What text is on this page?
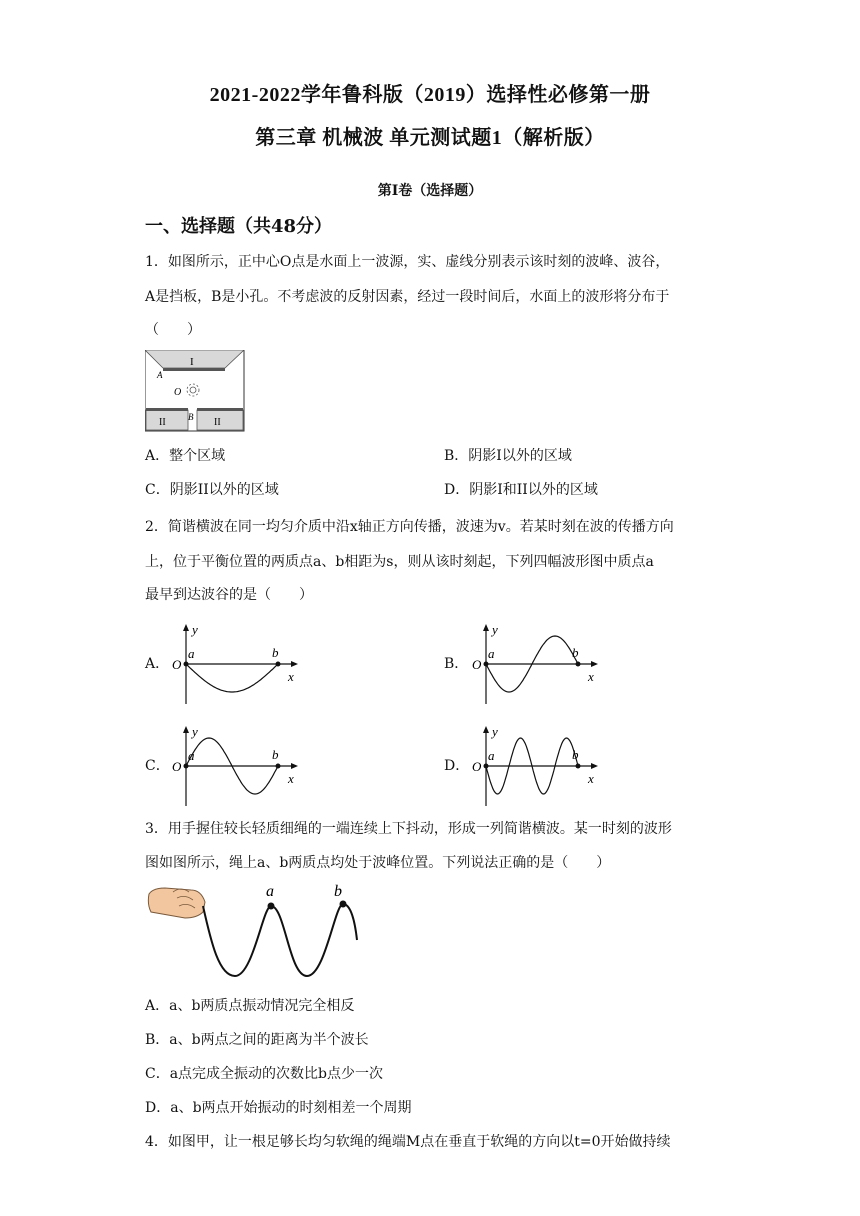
2021-2022学年鲁科版（2019）选择性必修第一册
第三章 机械波 单元测试题1（解析版）
第Ⅰ卷（选择题）
一、选择题（共48分）
1．如图所示，正中心O点是水面上一波源，实、虚线分别表示该时刻的波峰、波谷，
A是挡板，B是小孔。不考虑波的反射因素，经过一段时间后，水面上的波形将分布于
（　　）
I
A
O
B
II	II
A．整个区域	B．阴影I以外的区域
C．阴影II以外的区域	D．阴影I和II以外的区域
2．简谐横波在同一均匀介质中沿x轴正方向传播，波速为v。若某时刻在波的传播方向
上，位于平衡位置的两质点a、b相距为s，则从该时刻起，下列四幅波形图中质点a
最早到达波谷的是（　　）
A．	B．
C．	D．
y
O
a	b
x
y
O
a	b
x
y
O
a	b
x
y
O
a	b
x
3．用手握住较长轻质细绳的一端连续上下抖动，形成一列简谐横波。某一时刻的波形
图如图所示，绳上a、b两质点均处于波峰位置。下列说法正确的是（　　）
a	b
A．a、b两质点振动情况完全相反
B．a、b两点之间的距离为半个波长
C．a点完成全振动的次数比b点少一次
D．a、b两点开始振动的时刻相差一个周期
4．如图甲，让一根足够长均匀软绳的绳端M点在垂直于软绳的方向以t=0开始做持续
